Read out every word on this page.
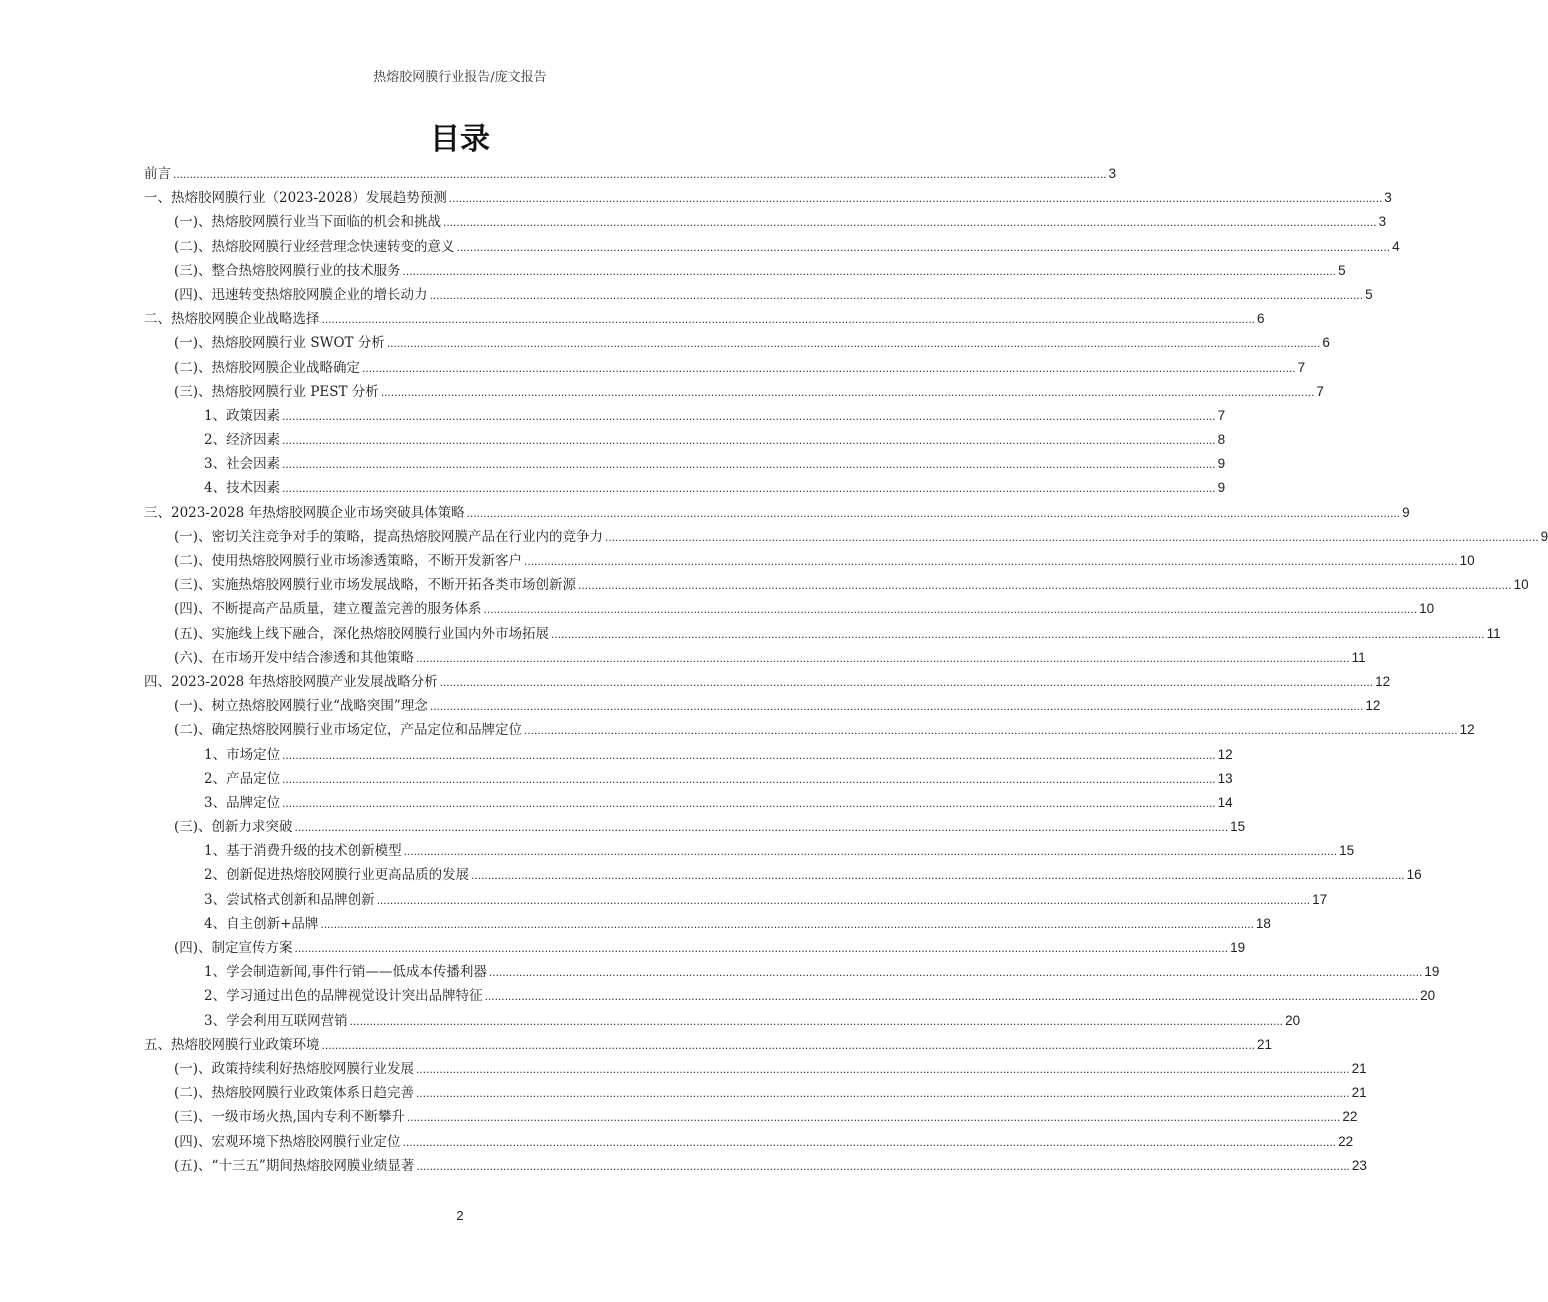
热熔胶网膜行业报告/庞文报告
目录
前言 .....	3
一、热熔胶网膜行业（2023-2028）发展趋势预测 .....	3
(一)、热熔胶网膜行业当下面临的机会和挑战 .....	3
(二)、热熔胶网膜行业经营理念快速转变的意义 .....	4
(三)、整合热熔胶网膜行业的技术服务 .....	5
(四)、迅速转变热熔胶网膜企业的增长动力 .....	5
二、热熔胶网膜企业战略选择 .....	6
(一)、热熔胶网膜行业 SWOT 分析 .....	6
(二)、热熔胶网膜企业战略确定 .....	7
(三)、热熔胶网膜行业 PEST 分析 .....	7
1、政策因素 .....	7
2、经济因素 .....	8
3、社会因素 .....	9
4、技术因素 .....	9
三、2023-2028 年热熔胶网膜企业市场突破具体策略 .....	9
(一)、密切关注竞争对手的策略，提高热熔胶网膜产品在行业内的竞争力 .....	9
(二)、使用热熔胶网膜行业市场渗透策略，不断开发新客户 .....	10
(三)、实施热熔胶网膜行业市场发展战略，不断开拓各类市场创新源 .....	10
(四)、不断提高产品质量，建立覆盖完善的服务体系 .....	10
(五)、实施线上线下融合，深化热熔胶网膜行业国内外市场拓展 .....	11
(六)、在市场开发中结合渗透和其他策略 .....	11
四、2023-2028 年热熔胶网膜产业发展战略分析 .....	12
(一)、树立热熔胶网膜行业“战略突围”理念 .....	12
(二)、确定热熔胶网膜行业市场定位，产品定位和品牌定位 .....	12
1、市场定位 .....	12
2、产品定位 .....	13
3、品牌定位 .....	14
(三)、创新力求突破 .....	15
1、基于消费升级的技术创新模型 .....	15
2、创新促进热熔胶网膜行业更高品质的发展 .....	16
3、尝试格式创新和品牌创新 .....	17
4、自主创新+品牌 .....	18
(四)、制定宣传方案 .....	19
1、学会制造新闻,事件行销——低成本传播利器 .....	19
2、学习通过出色的品牌视觉设计突出品牌特征 .....	20
3、学会利用互联网营销 .....	20
五、热熔胶网膜行业政策环境 .....	21
(一)、政策持续利好热熔胶网膜行业发展 .....	21
(二)、热熔胶网膜行业政策体系日趋完善 .....	21
(三)、一级市场火热,国内专利不断攀升 .....	22
(四)、宏观环境下热熔胶网膜行业定位 .....	22
(五)、“十三五”期间热熔胶网膜业绩显著 .....	23
2
